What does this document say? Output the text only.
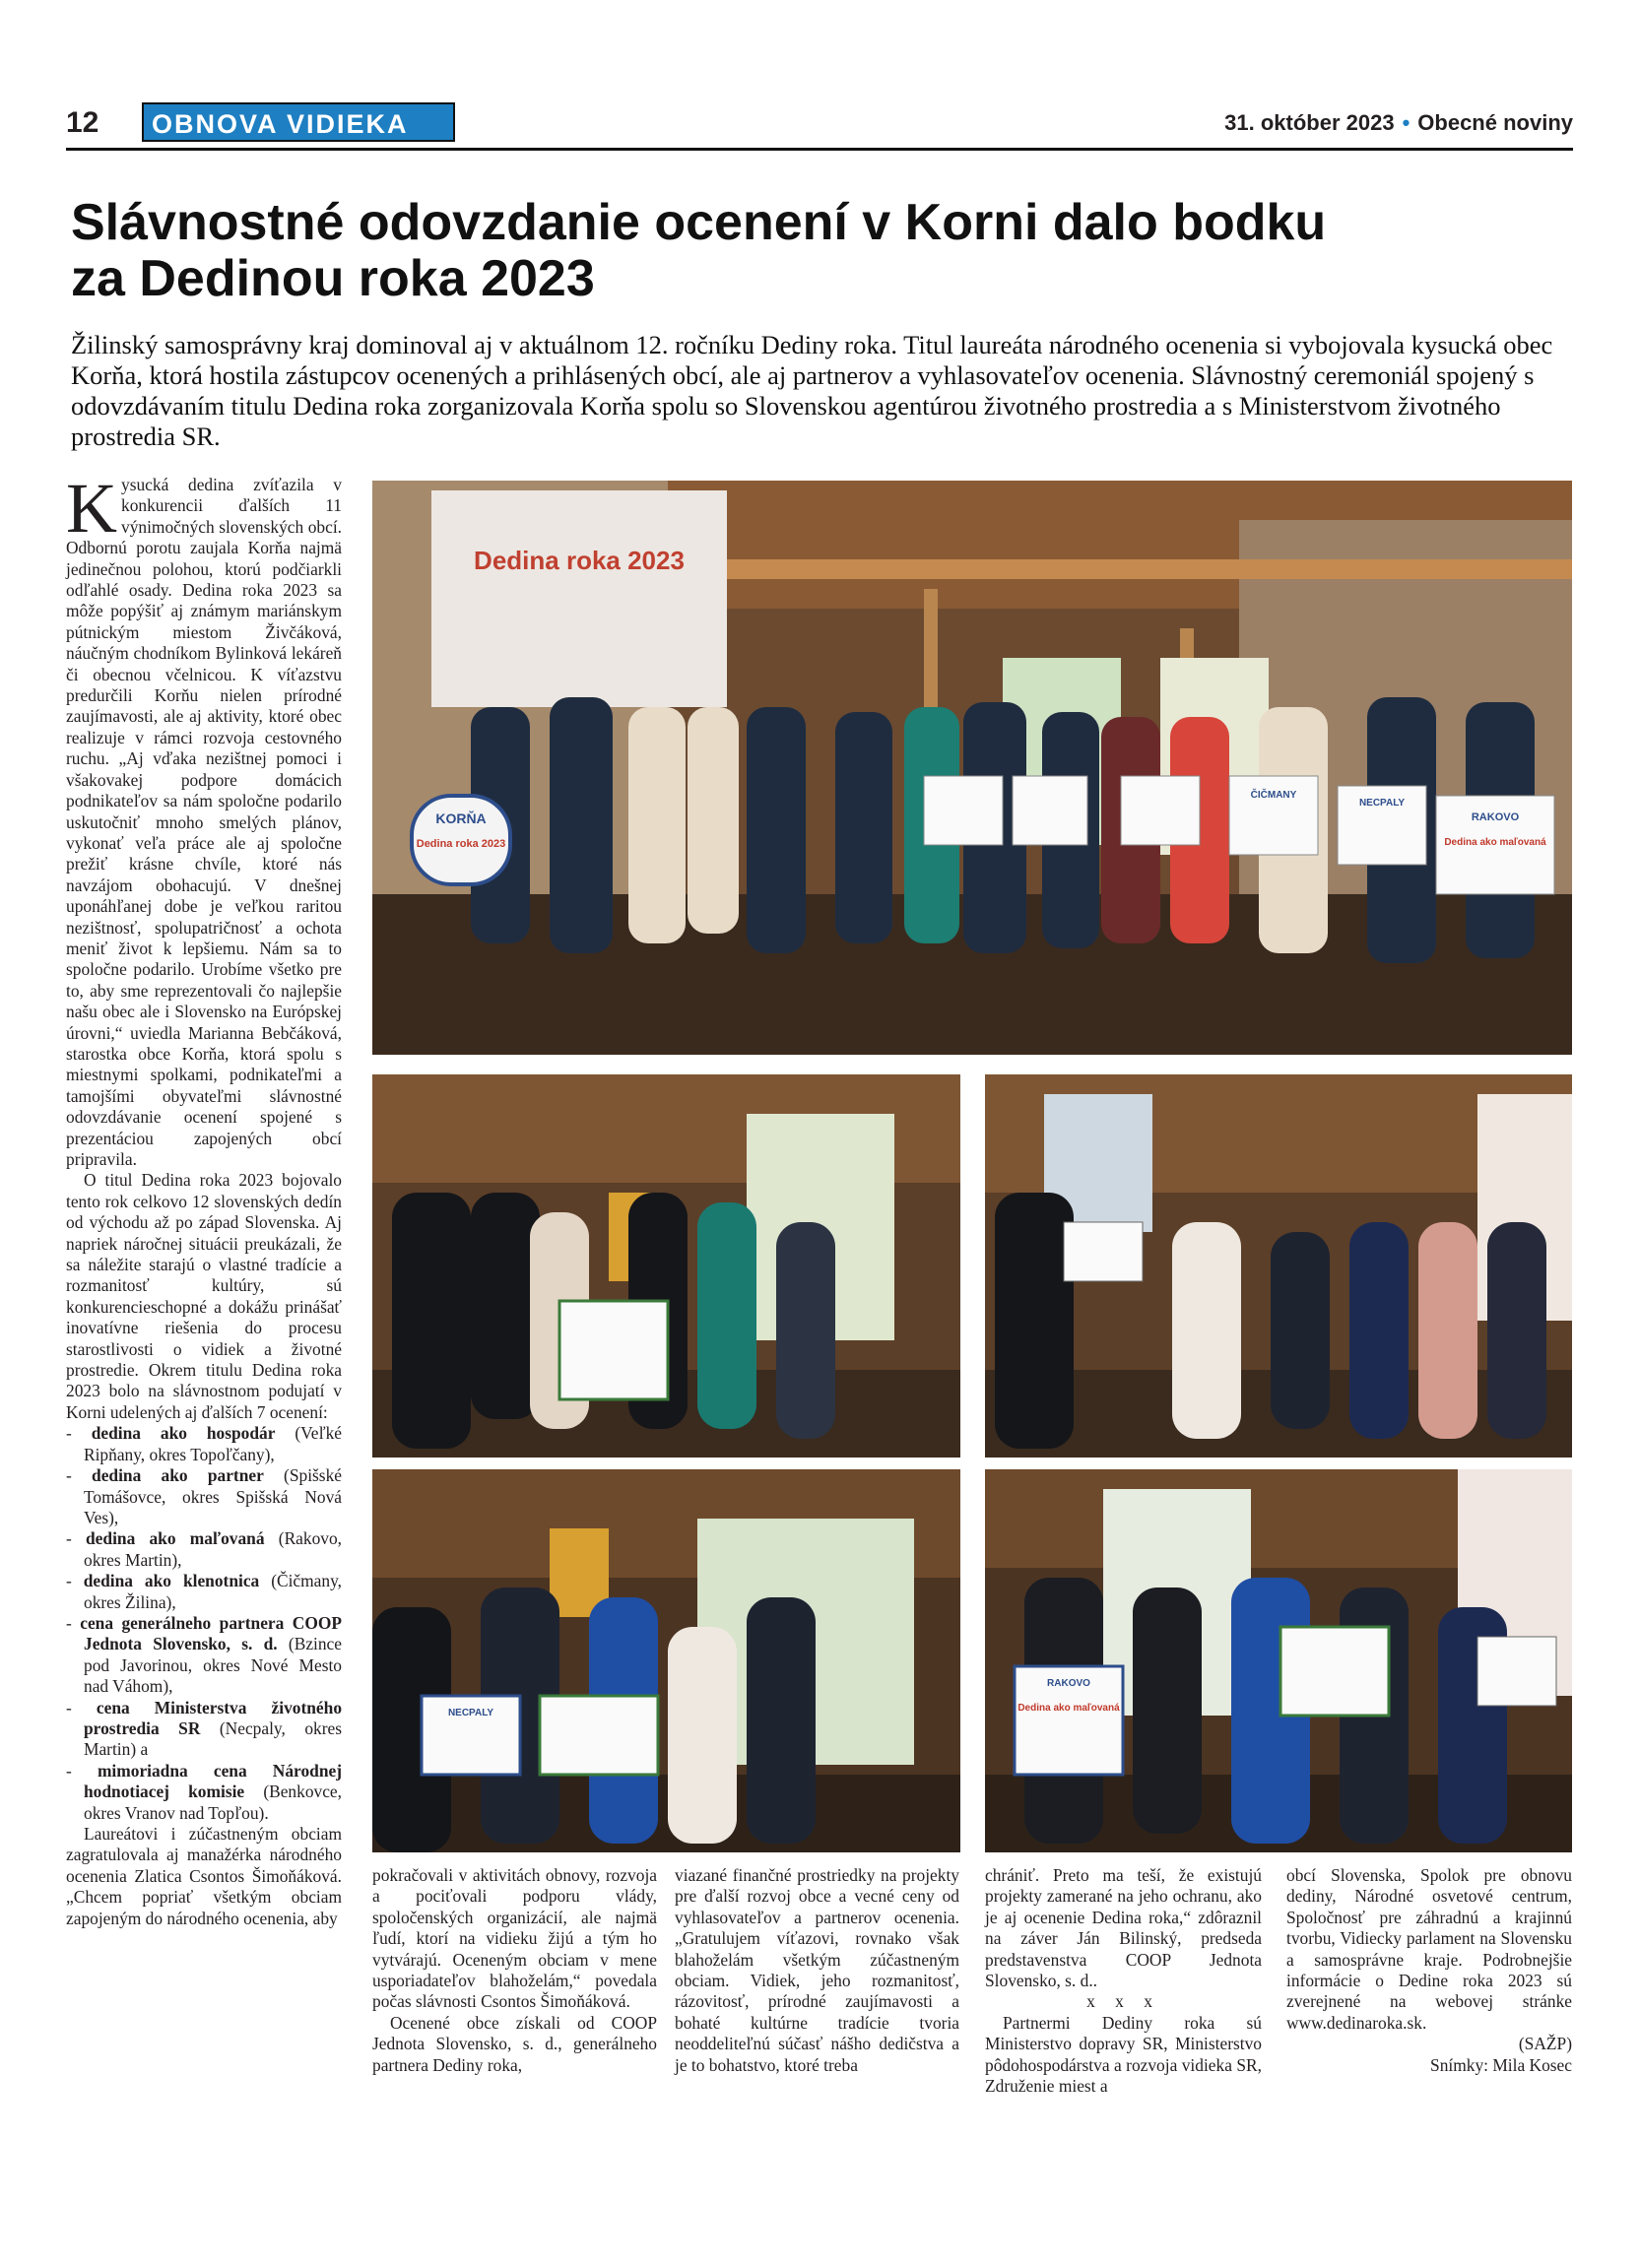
12	OBNOVA VIDIEKA	31. október 2023 • Obecné noviny
Slávnostné odovzdanie ocenení v Korni dalo bodku
za Dedinou roka 2023

Žilinský samosprávny kraj dominoval aj v aktuálnom 12. ročníku Dediny roka. Titul laureáta národného ocenenia si vybojovala kysucká obec Korňa, ktorá hostila zástupcov ocenených a prihlásených obcí, ale aj partnerov a vyhlasovateľov ocenenia. Slávnostný ceremoniál spojený s odovzdávaním titulu Dedina roka zorganizovala Korňa spolu so Slovenskou agentúrou životného prostredia a s Ministerstvom životného prostredia SR.

Kysucká dedina zvíťazila v konkurencii ďalších 11 výnimočných slovenských obcí. Odbornú porotu zaujala Korňa najmä jedinečnou polohou, ktorú podčiarkli odľahlé osady. Dedina roka 2023 sa môže popýšiť aj známym mariánskym pútnickým miestom Živčáková, náučným chodníkom Bylinková lekáreň či obecnou včelnicou. K víťazstvu predurčili Korňu nielen prírodné zaujímavosti, ale aj aktivity, ktoré obec realizuje v rámci rozvoja cestovného ruchu. „Aj vďaka nezištnej pomoci i všakovakej podpore domácich podnikateľov sa nám spoločne podarilo uskutočniť mnoho smelých plánov, vykonať veľa práce ale aj spoločne prežiť krásne chvíle, ktoré nás navzájom obohacujú. V dnešnej uponáhľanej dobe je veľkou raritou nezištnosť, spolupatričnosť a ochota meniť život k lepšiemu. Nám sa to spoločne podarilo. Urobíme všetko pre to, aby sme reprezentovali čo najlepšie našu obec ale i Slovensko na Európskej úrovni,“ uviedla Marianna Bebčáková, starostka obce Korňa, ktorá spolu s miestnymi spolkami, podnikateľmi a tamojšími obyvateľmi slávnostné odovzdávanie ocenení spojené s prezentáciou zapojených obcí pripravila.

O titul Dedina roka 2023 bojovalo tento rok celkovo 12 slovenských dedín od východu až po západ Slovenska. Aj napriek náročnej situácii preukázali, že sa náležite starajú o vlastné tradície a rozmanitosť kultúry, sú konkurencieschopné a dokážu prinášať inovatívne riešenia do procesu starostlivosti o vidiek a životné prostredie. Okrem titulu Dedina roka 2023 bolo na slávnostnom podujatí v Korni udelených aj ďalších 7 ocenení:

- dedina ako hospodár (Veľké Ripňany, okres Topoľčany),
- dedina ako partner (Spišské Tomášovce, okres Spišská Nová Ves),
- dedina ako maľovaná (Rakovo, okres Martin),
- dedina ako klenotnica (Čičmany, okres Žilina),
- cena generálneho partnera COOP Jednota Slovensko, s. d. (Bzince pod Javorinou, okres Nové Mesto nad Váhom),
- cena Ministerstva životného prostredia SR (Necpaly, okres Martin) a
- mimoriadna cena Národnej hodnotiacej komisie (Benkovce, okres Vranov nad Topľou).

Laureátovi i zúčastneným obciam zagratulovala aj manažérka národného ocenenia Zlatica Csontos Šimoňáková. „Chcem popriať všetkým obciam zapojeným do národného ocenenia, aby

Dedina roka 2023
KORŇA
Dedina roka 2023
ČIČMANY
NECPALY
RAKOVO
Dedina ako maľovaná
NECPALY
RAKOVO
Dedina ako maľovaná

pokračovali v aktivitách obnovy, rozvoja a pociťovali podporu vlády, spoločenských organizácií, ale najmä ľudí, ktorí na vidieku žijú a tým ho vytvárajú. Oceneným obciam v mene usporiadateľov blahoželám,“ povedala počas slávnosti Csontos Šimoňáková.

Ocenené obce získali od COOP Jednota Slovensko, s. d., generálneho partnera Dediny roka,

viazané finančné prostriedky na projekty pre ďalší rozvoj obce a vecné ceny od vyhlasovateľov a partnerov ocenenia. „Gratulujem víťazovi, rovnako však blahoželám všetkým zúčastneným obciam. Vidiek, jeho rozmanitosť, rázovitosť, prírodné zaujímavosti a bohaté kultúrne tradície tvoria neoddeliteľnú súčasť nášho dedičstva a je to bohatstvo, ktoré treba

chrániť. Preto ma teší, že existujú projekty zamerané na jeho ochranu, ako je aj ocenenie Dedina roka,“ zdôraznil na záver Ján Bilinský, predseda predstavenstva COOP Jednota Slovensko, s. d..

x x x

Partnermi Dediny roka sú Ministerstvo dopravy SR, Ministerstvo pôdohospodárstva a rozvoja vidieka SR, Združenie miest a

obcí Slovenska, Spolok pre obnovu dediny, Národné osvetové centrum, Spoločnosť pre záhradnú a krajinnú tvorbu, Vidiecky parlament na Slovensku a samosprávne kraje. Podrobnejšie informácie o Dedine roka 2023 sú zverejnené na webovej stránke www.dedinaroka.sk.

(SAŽP)

Snímky: Mila Kosec
